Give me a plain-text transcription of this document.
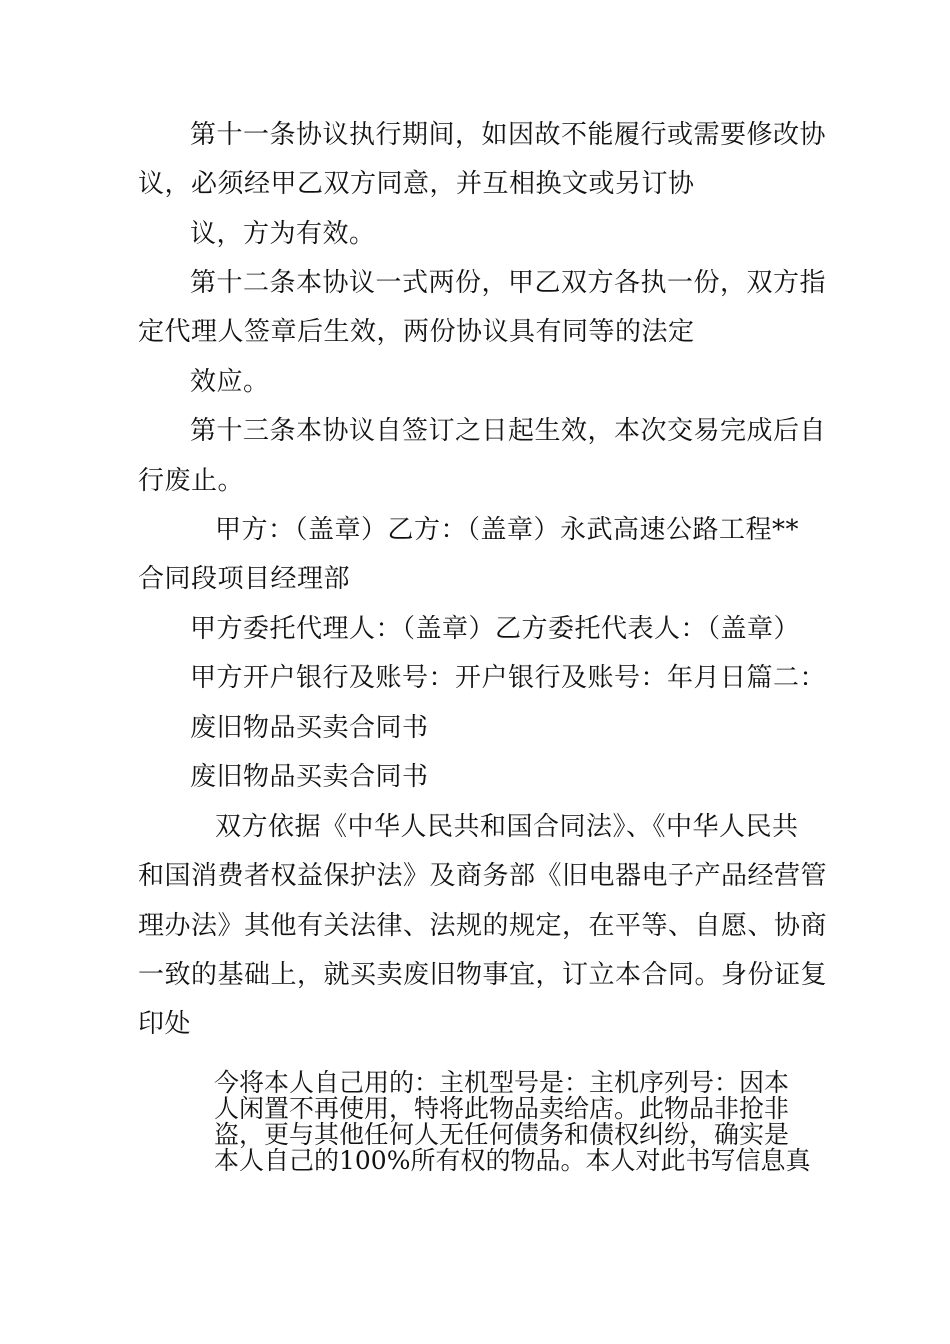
第十一条协议执行期间，如因故不能履行或需要修改协
议，必须经甲乙双方同意，并互相换文或另订协
议，方为有效。
第十二条本协议一式两份，甲乙双方各执一份，双方指
定代理人签章后生效，两份协议具有同等的法定
效应。
第十三条本协议自签订之日起生效，本次交易完成后自
行废止。
甲方：（盖章）乙方：（盖章）永武高速公路工程**
合同段项目经理部
甲方委托代理人：（盖章）乙方委托代表人：（盖章）
甲方开户银行及账号：开户银行及账号：年月日篇二：
废旧物品买卖合同书
废旧物品买卖合同书
双方依据《中华人民共和国合同法》、《中华人民共
和国消费者权益保护法》及商务部《旧电器电子产品经营管
理办法》其他有关法律、法规的规定，在平等、自愿、协商
一致的基础上，就买卖废旧物事宜，订立本合同。身份证复
印处
今将本人自己用的：主机型号是：主机序列号：因本
人闲置不再使用，特将此物品卖给店。此物品非抢非
盗，更与其他任何人无任何债务和债权纠纷，确实是
本人自己的100%所有权的物品。本人对此书写信息真
